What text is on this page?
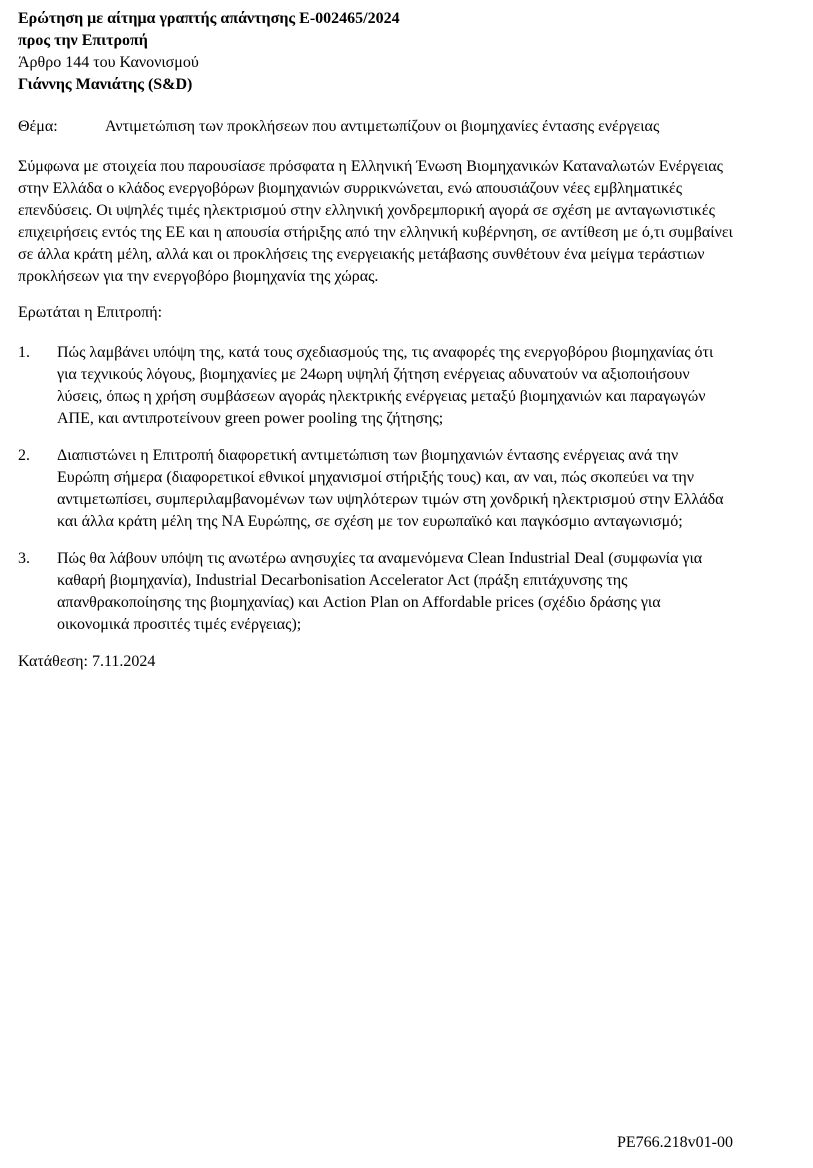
Ερώτηση με αίτημα γραπτής απάντησης E-002465/2024
προς την Επιτροπή
Άρθρο 144 του Κανονισμού
Γιάννης Μανιάτης (S&D)
Θέμα:	Αντιμετώπιση των προκλήσεων που αντιμετωπίζουν οι βιομηχανίες έντασης ενέργειας
Σύμφωνα με στοιχεία που παρουσίασε πρόσφατα η Ελληνική Ένωση Βιομηχανικών Καταναλωτών Ενέργειας στην Ελλάδα ο κλάδος ενεργοβόρων βιομηχανιών συρρικνώνεται, ενώ απουσιάζουν νέες εμβληματικές επενδύσεις. Οι υψηλές τιμές ηλεκτρισμού στην ελληνική χονδρεμπορική αγορά σε σχέση με ανταγωνιστικές επιχειρήσεις εντός της ΕΕ και η απουσία στήριξης από την ελληνική κυβέρνηση, σε αντίθεση με ό,τι συμβαίνει σε άλλα κράτη μέλη, αλλά και οι προκλήσεις της ενεργειακής μετάβασης συνθέτουν ένα μείγμα τεράστιων προκλήσεων για την ενεργοβόρο βιομηχανία της χώρας.
Ερωτάται η Επιτροπή:
1.	Πώς λαμβάνει υπόψη της, κατά τους σχεδιασμούς της, τις αναφορές της ενεργοβόρου βιομηχανίας ότι για τεχνικούς λόγους, βιομηχανίες με 24ωρη υψηλή ζήτηση ενέργειας αδυνατούν να αξιοποιήσουν λύσεις, όπως η χρήση συμβάσεων αγοράς ηλεκτρικής ενέργειας μεταξύ βιομηχανιών και παραγωγών ΑΠΕ, και αντιπροτείνουν green power pooling της ζήτησης;
2.	Διαπιστώνει η Επιτροπή διαφορετική αντιμετώπιση των βιομηχανιών έντασης ενέργειας ανά την Ευρώπη σήμερα (διαφορετικοί εθνικοί μηχανισμοί στήριξής τους) και, αν ναι, πώς σκοπεύει να την αντιμετωπίσει, συμπεριλαμβανομένων των υψηλότερων τιμών στη χονδρική ηλεκτρισμού στην Ελλάδα και άλλα κράτη μέλη της ΝΑ Ευρώπης, σε σχέση με τον ευρωπαϊκό και παγκόσμιο ανταγωνισμό;
3.	Πώς θα λάβουν υπόψη τις ανωτέρω ανησυχίες τα αναμενόμενα Clean Industrial Deal (συμφωνία για καθαρή βιομηχανία), Industrial Decarbonisation Accelerator Act (πράξη επιτάχυνσης της απανθρακοποίησης της βιομηχανίας) και Action Plan on Affordable prices (σχέδιο δράσης για οικονομικά προσιτές τιμές ενέργειας);
Κατάθεση: 7.11.2024
PE766.218v01-00
